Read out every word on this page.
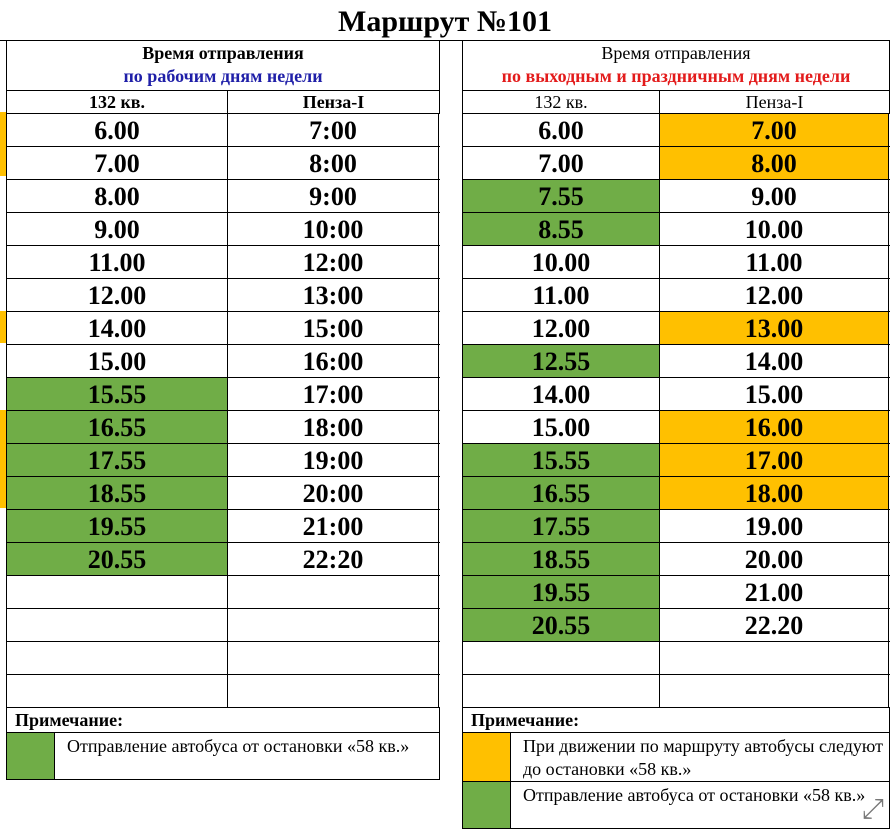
Маршрут №101
Время отправления
по рабочим дням недели
132 кв.	Пенза-I
6.00	7:00
7.00	8:00
8.00	9:00
9.00	10:00
11.00	12:00
12.00	13:00
14.00	15:00
15.00	16:00
15.55	17:00
16.55	18:00
17.55	19:00
18.55	20:00
19.55	21:00
20.55	22:20
Примечание:
Отправление автобуса от остановки «58 кв.»
Время отправления
по выходным и праздничным дням недели
132 кв.	Пенза-I
6.00	7.00
7.00	8.00
7.55	9.00
8.55	10.00
10.00	11.00
11.00	12.00
12.00	13.00
12.55	14.00
14.00	15.00
15.00	16.00
15.55	17.00
16.55	18.00
17.55	19.00
18.55	20.00
19.55	21.00
20.55	22.20
Примечание:
При движении по маршруту автобусы следуют до остановки «58 кв.»
Отправление автобуса от остановки «58 кв.»
⤢
